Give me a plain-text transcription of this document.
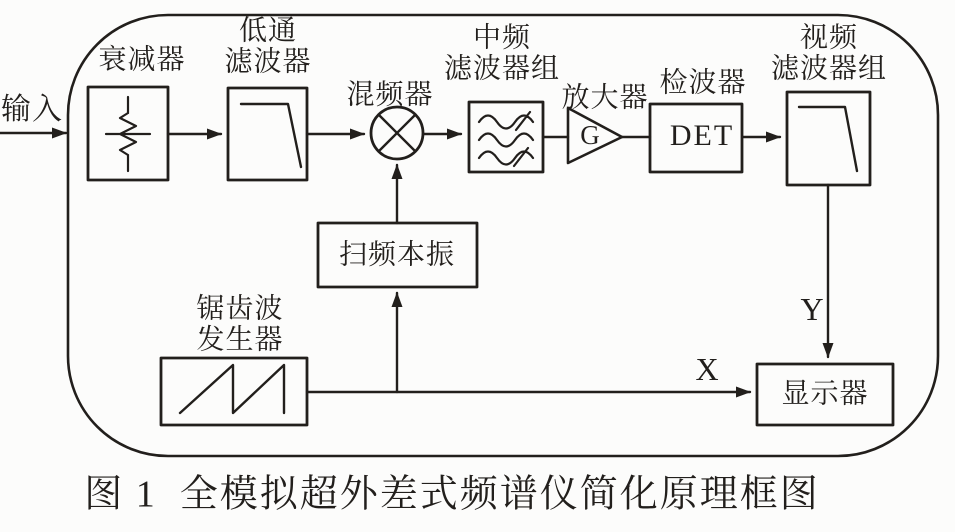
输入
衰减器
低通
滤波器
混频器
中频
滤波器组
放大器
G
检波器
DET
视频
滤波器组
扫频本振
锯齿波
发生器
显示器
X
Y
图 1  全模拟超外差式频谱仪简化原理框图
